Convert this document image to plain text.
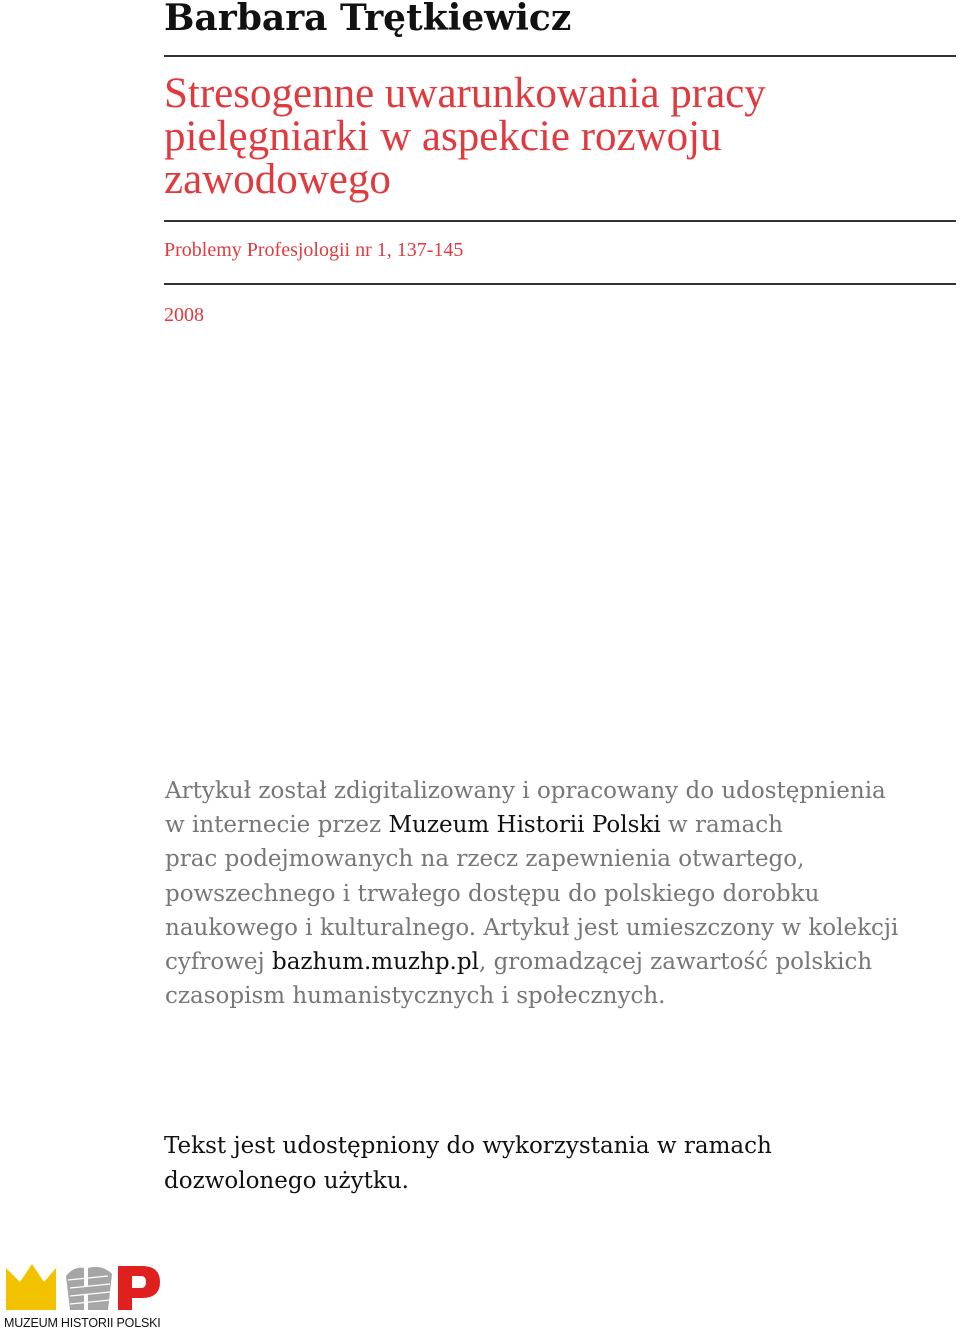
Barbara Trętkiewicz
Stresogenne uwarunkowania pracy
pielęgniarki w aspekcie rozwoju
zawodowego
Problemy Profesjologii nr 1, 137-145
2008
Artykuł został zdigitalizowany i opracowany do udostępnienia
w internecie przez Muzeum Historii Polski w ramach
prac podejmowanych na rzecz zapewnienia otwartego,
powszechnego i trwałego dostępu do polskiego dorobku
naukowego i kulturalnego. Artykuł jest umieszczony w kolekcji
cyfrowej bazhum.muzhp.pl, gromadzącej zawartość polskich
czasopism humanistycznych i społecznych.
Tekst jest udostępniony do wykorzystania w ramach
dozwolonego użytku.
MUZEUM HISTORII POLSKI
